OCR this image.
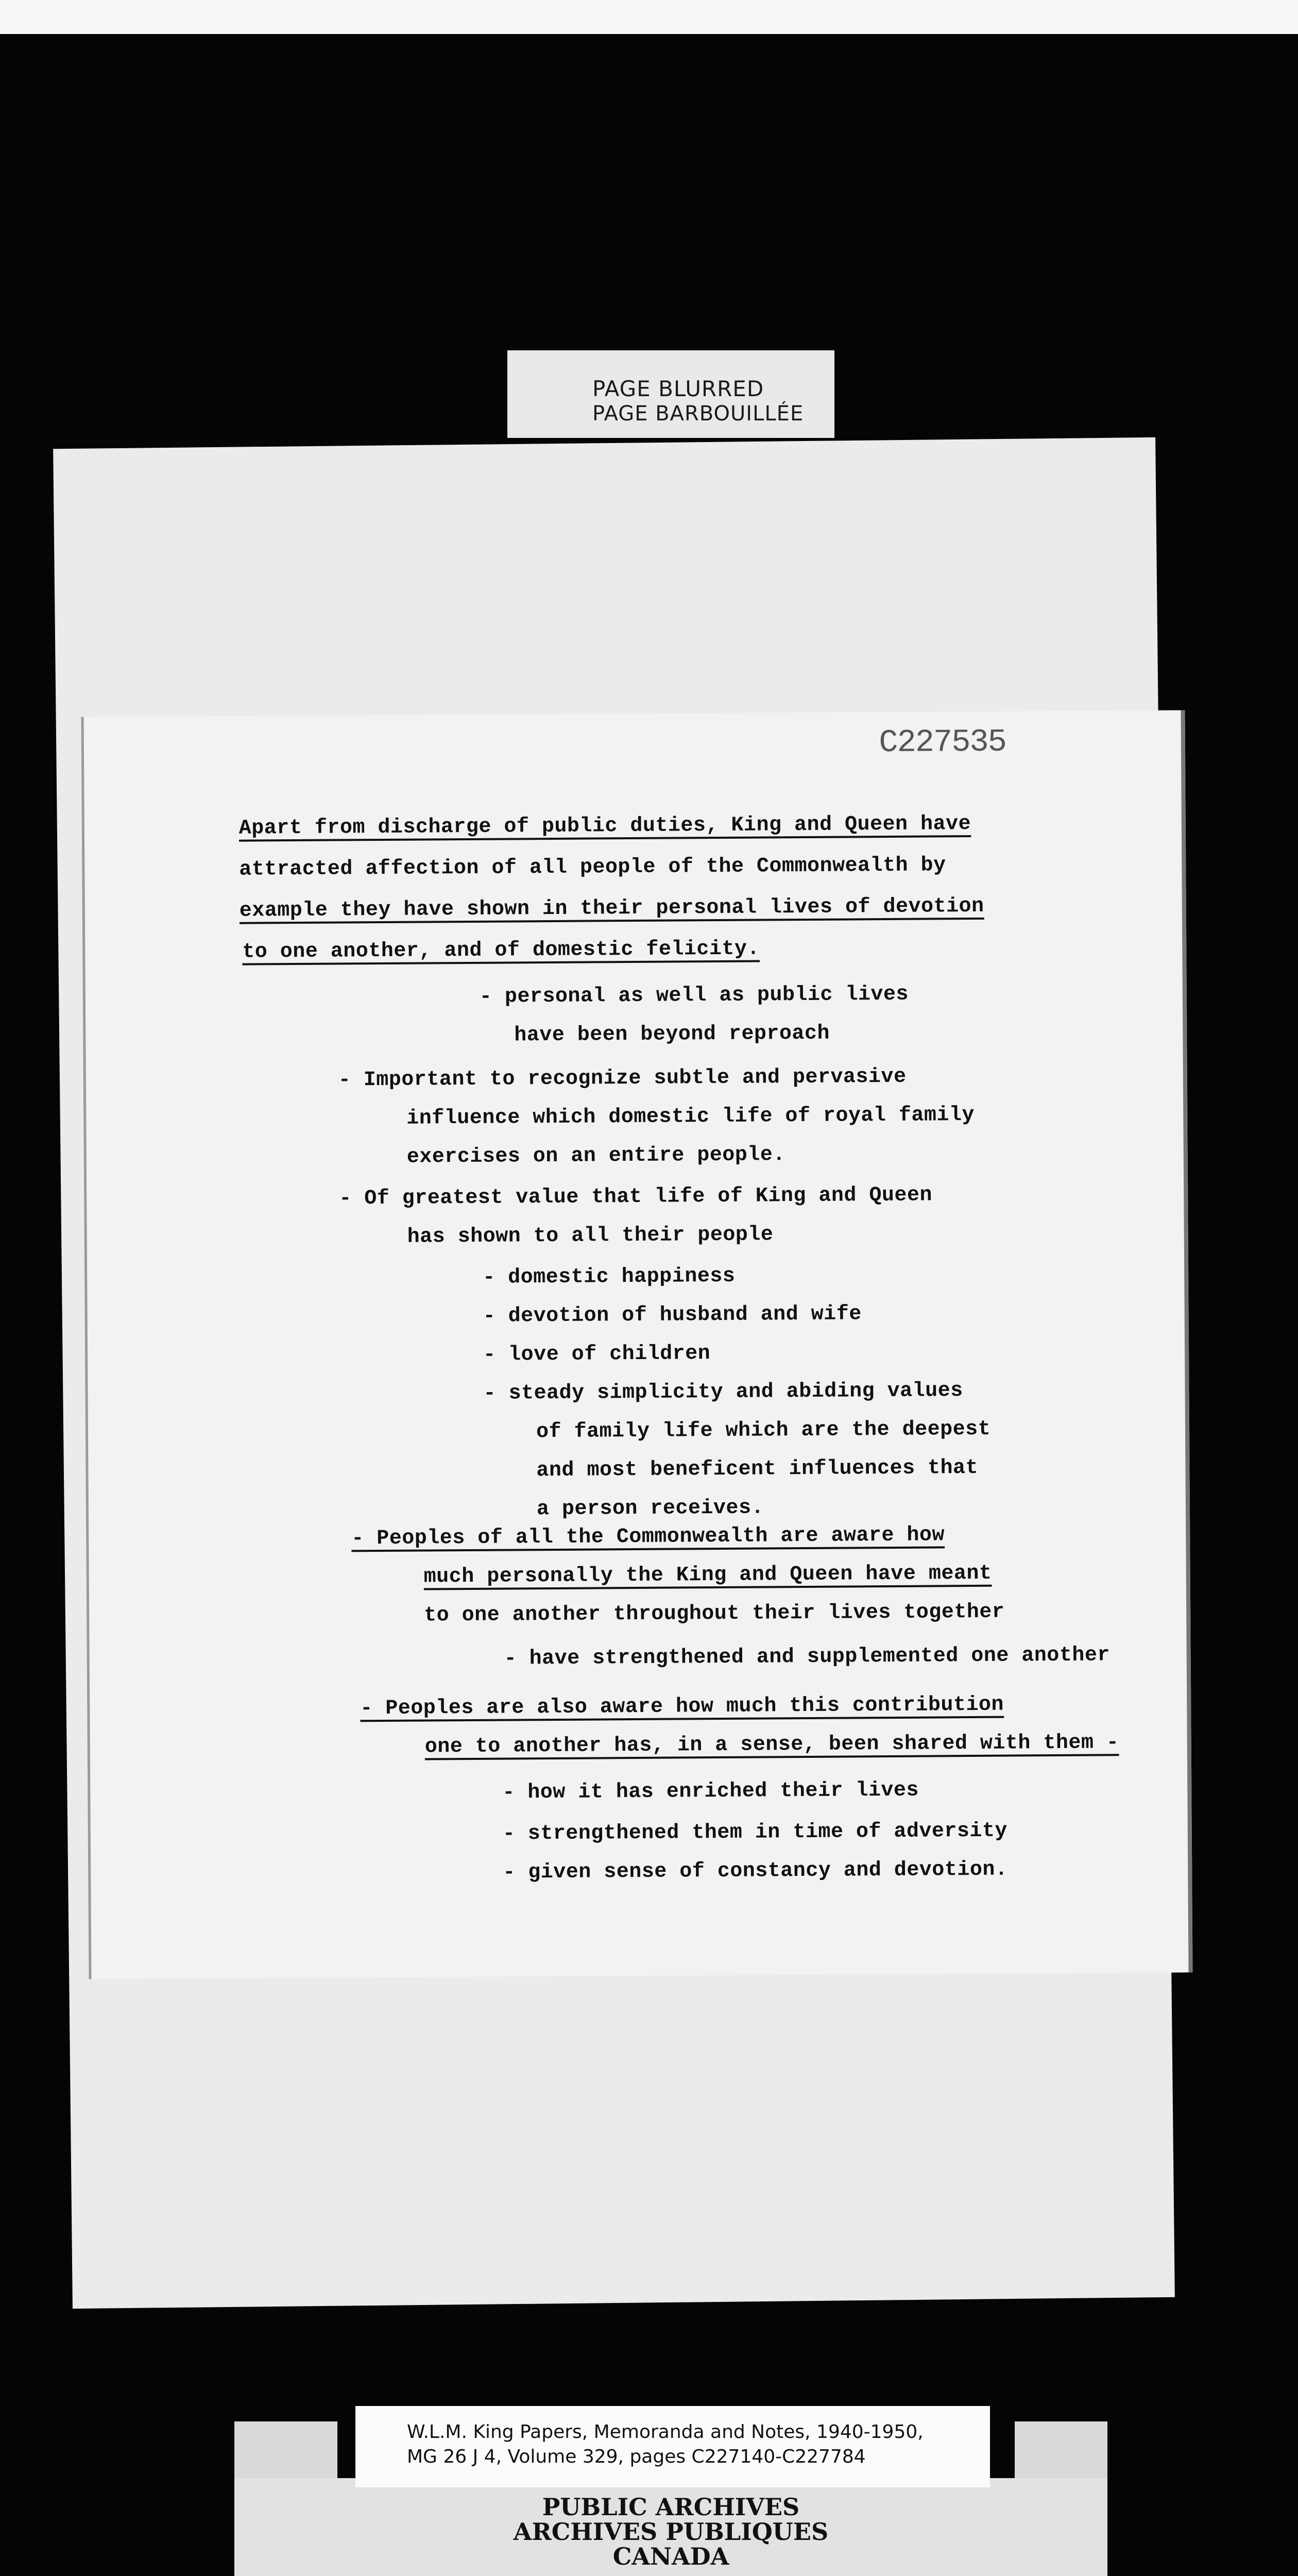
PAGE BLURRED
PAGE BARBOUILLÉE
C227535
Apart from discharge of public duties, King and Queen have
attracted affection of all people of the Commonwealth by
example they have shown in their personal lives of devotion
to one another, and of domestic felicity.
- personal as well as public lives
have been beyond reproach
- Important to recognize subtle and pervasive
influence which domestic life of royal family
exercises on an entire people.
- Of greatest value that life of King and Queen
has shown to all their people
- domestic happiness
- devotion of husband and wife
- love of children
- steady simplicity and abiding values
of family life which are the deepest
and most beneficent influences that
a person receives.
- Peoples of all the Commonwealth are aware how
much personally the King and Queen have meant
to one another throughout their lives together
- have strengthened and supplemented one another
- Peoples are also aware how much this contribution
one to another has, in a sense, been shared with them -
- how it has enriched their lives
- strengthened them in time of adversity
- given sense of constancy and devotion.
PUBLIC ARCHIVES
ARCHIVES PUBLIQUES
CANADA
W.L.M. King Papers, Memoranda and Notes, 1940-1950,
MG 26 J 4, Volume 329, pages C227140-C227784
